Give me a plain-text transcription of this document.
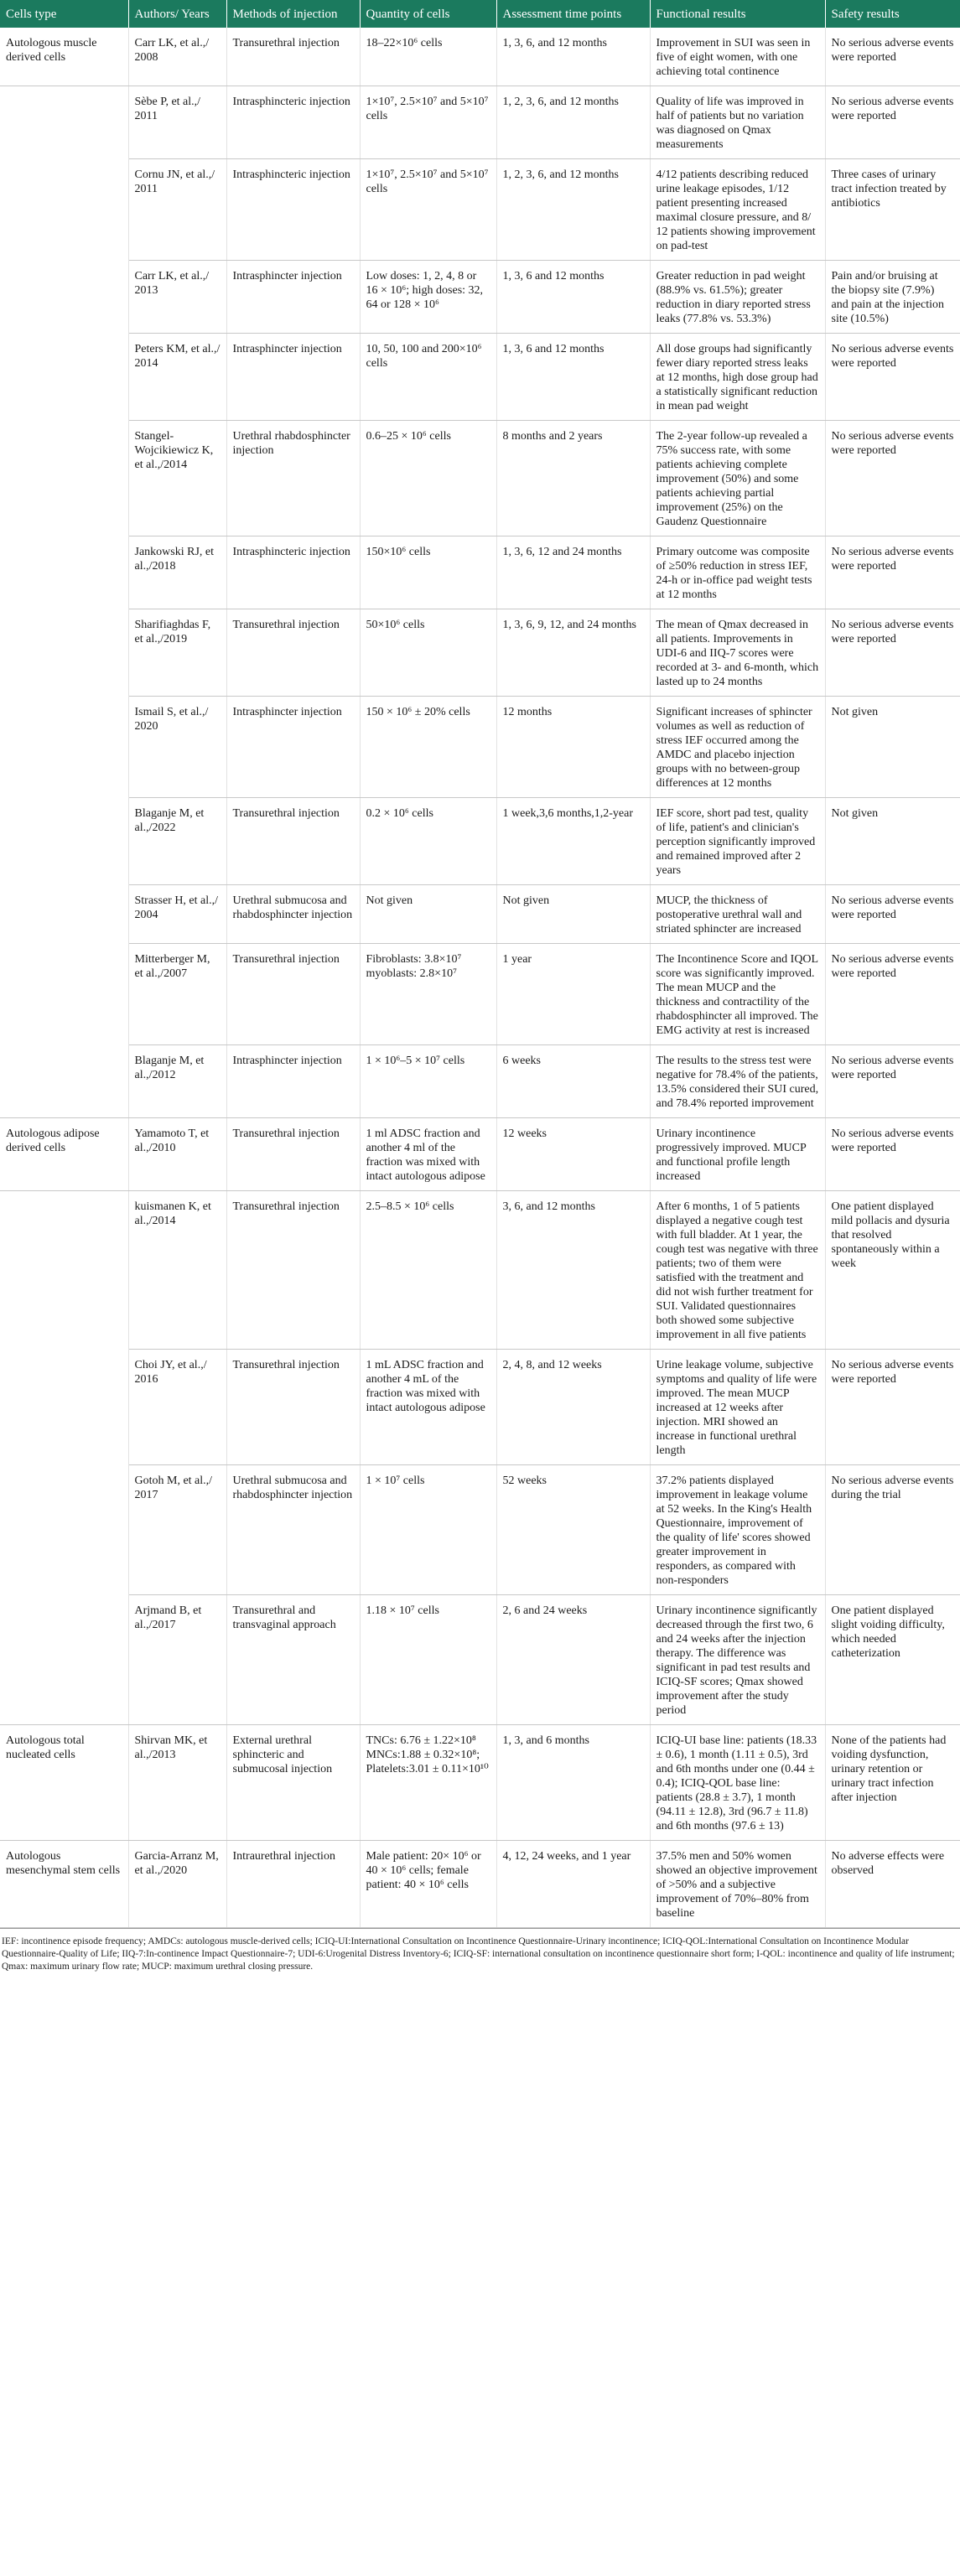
Cells type	Authors/ Years	Methods of injection	Quantity of cells	Assessment time points	Functional results	Safety results
Autologous muscle derived cells	Carr LK, et al.,/ 2008	Transurethral injection	18–22×10⁶ cells	1, 3, 6, and 12 months	Improvement in SUI was seen in five of eight women, with one achieving total continence	No serious adverse events were reported
	Sèbe P, et al.,/ 2011	Intrasphincteric injection	1×10⁷, 2.5×10⁷ and 5×10⁷ cells	1, 2, 3, 6, and 12 months	Quality of life was improved in half of patients but no variation was diagnosed on Qmax measurements	No serious adverse events were reported
	Cornu JN, et al.,/ 2011	Intrasphincteric injection	1×10⁷, 2.5×10⁷ and 5×10⁷ cells	1, 2, 3, 6, and 12 months	4/12 patients describing reduced urine leakage episodes, 1/12 patient presenting increased maximal closure pressure, and 8/ 12 patients showing improvement on pad-test	Three cases of urinary tract infection treated by antibiotics
	Carr LK, et al.,/ 2013	Intrasphincter injection	Low doses: 1, 2, 4, 8 or 16 × 10⁶; high doses: 32, 64 or 128 × 10⁶	1, 3, 6 and 12 months	Greater reduction in pad weight (88.9% vs. 61.5%); greater reduction in diary reported stress leaks (77.8% vs. 53.3%)	Pain and/or bruising at the biopsy site (7.9%) and pain at the injection site (10.5%)
	Peters KM, et al.,/ 2014	Intrasphincter injection	10, 50, 100 and 200×10⁶ cells	1, 3, 6 and 12 months	All dose groups had significantly fewer diary reported stress leaks at 12 months, high dose group had a statistically significant reduction in mean pad weight	No serious adverse events were reported
	Stangel-Wojcikiewicz K, et al.,/2014	Urethral rhabdosphincter injection	0.6–25 × 10⁶ cells	8 months and 2 years	The 2-year follow-up revealed a 75% success rate, with some patients achieving complete improvement (50%) and some patients achieving partial improvement (25%) on the Gaudenz Questionnaire	No serious adverse events were reported
	Jankowski RJ, et al.,/2018	Intrasphincteric injection	150×10⁶ cells	1, 3, 6, 12 and 24 months	Primary outcome was composite of ≥50% reduction in stress IEF, 24-h or in-office pad weight tests at 12 months	No serious adverse events were reported
	Sharifiaghdas F, et al.,/2019	Transurethral injection	50×10⁶ cells	1, 3, 6, 9, 12, and 24 months	The mean of Qmax decreased in all patients. Improvements in UDI-6 and IIQ-7 scores were recorded at 3- and 6-month, which lasted up to 24 months	No serious adverse events were reported
	Ismail S, et al.,/ 2020	Intrasphincter injection	150 × 10⁶ ± 20% cells	12 months	Significant increases of sphincter volumes as well as reduction of stress IEF occurred among the AMDC and placebo injection groups with no between-group differences at 12 months	Not given
	Blaganje M, et al.,/2022	Transurethral injection	0.2 × 10⁶ cells	1 week,3,6 months,1,2-year	IEF score, short pad test, quality of life, patient's and clinician's perception significantly improved and remained improved after 2 years	Not given
	Strasser H, et al.,/ 2004	Urethral submucosa and rhabdosphincter injection	Not given	Not given	MUCP, the thickness of postoperative urethral wall and striated sphincter are increased	No serious adverse events were reported
	Mitterberger M, et al.,/2007	Transurethral injection	Fibroblasts: 3.8×10⁷ myoblasts: 2.8×10⁷	1 year	The Incontinence Score and IQOL score was significantly improved. The mean MUCP and the thickness and contractility of the rhabdosphincter all improved. The EMG activity at rest is increased	No serious adverse events were reported
	Blaganje M, et al.,/2012	Intrasphincter injection	1 × 10⁶–5 × 10⁷ cells	6 weeks	The results to the stress test were negative for 78.4% of the patients, 13.5% considered their SUI cured, and 78.4% reported improvement	No serious adverse events were reported
Autologous adipose derived cells	Yamamoto T, et al.,/2010	Transurethral injection	1 ml ADSC fraction and another 4 ml of the fraction was mixed with intact autologous adipose	12 weeks	Urinary incontinence progressively improved. MUCP and functional profile length increased	No serious adverse events were reported
	kuismanen K, et al.,/2014	Transurethral injection	2.5–8.5 × 10⁶ cells	3, 6, and 12 months	After 6 months, 1 of 5 patients displayed a negative cough test with full bladder. At 1 year, the cough test was negative with three patients; two of them were satisfied with the treatment and did not wish further treatment for SUI. Validated questionnaires both showed some subjective improvement in all five patients	One patient displayed mild pollacis and dysuria that resolved spontaneously within a week
	Choi JY, et al.,/ 2016	Transurethral injection	1 mL ADSC fraction and another 4 mL of the fraction was mixed with intact autologous adipose	2, 4, 8, and 12 weeks	Urine leakage volume, subjective symptoms and quality of life were improved. The mean MUCP increased at 12 weeks after injection. MRI showed an increase in functional urethral length	No serious adverse events were reported
	Gotoh M, et al.,/ 2017	Urethral submucosa and rhabdosphincter injection	1 × 10⁷ cells	52 weeks	37.2% patients displayed improvement in leakage volume at 52 weeks. In the King's Health Questionnaire, improvement of the quality of life' scores showed greater improvement in responders, as compared with non-responders	No serious adverse events during the trial
	Arjmand B, et al.,/2017	Transurethral and transvaginal approach	1.18 × 10⁷ cells	2, 6 and 24 weeks	Urinary incontinence significantly decreased through the first two, 6 and 24 weeks after the injection therapy. The difference was significant in pad test results and ICIQ-SF scores; Qmax showed improvement after the study period	One patient displayed slight voiding difficulty, which needed catheterization
Autologous total nucleated cells	Shirvan MK, et al.,/2013	External urethral sphincteric and submucosal injection	TNCs: 6.76 ± 1.22×10⁸ MNCs:1.88 ± 0.32×10⁸; Platelets:3.01 ± 0.11×10¹⁰	1, 3, and 6 months	ICIQ-UI base line: patients (18.33 ± 0.6), 1 month (1.11 ± 0.5), 3rd and 6th months under one (0.44 ± 0.4); ICIQ-QOL base line: patients (28.8 ± 3.7), 1 month (94.11 ± 12.8), 3rd (96.7 ± 11.8) and 6th months (97.6 ± 13)	None of the patients had voiding dysfunction, urinary retention or urinary tract infection after injection
Autologous mesenchymal stem cells	Garcia-Arranz M, et al.,/2020	Intraurethral injection	Male patient: 20× 10⁶ or 40 × 10⁶ cells; female patient: 40 × 10⁶ cells	4, 12, 24 weeks, and 1 year	37.5% men and 50% women showed an objective improvement of >50% and a subjective improvement of 70%–80% from baseline	No adverse effects were observed
IEF: incontinence episode frequency; AMDCs: autologous muscle-derived cells; ICIQ-UI:International Consultation on Incontinence Questionnaire-Urinary incontinence; ICIQ-QOL:International Consultation on Incontinence Modular Questionnaire-Quality of Life; IIQ-7:In-continence Impact Questionnaire-7; UDI-6:Urogenital Distress Inventory-6; ICIQ-SF: international consultation on incontinence questionnaire short form; I-QOL: incontinence and quality of life instrument; Qmax: maximum urinary flow rate; MUCP: maximum urethral closing pressure.
